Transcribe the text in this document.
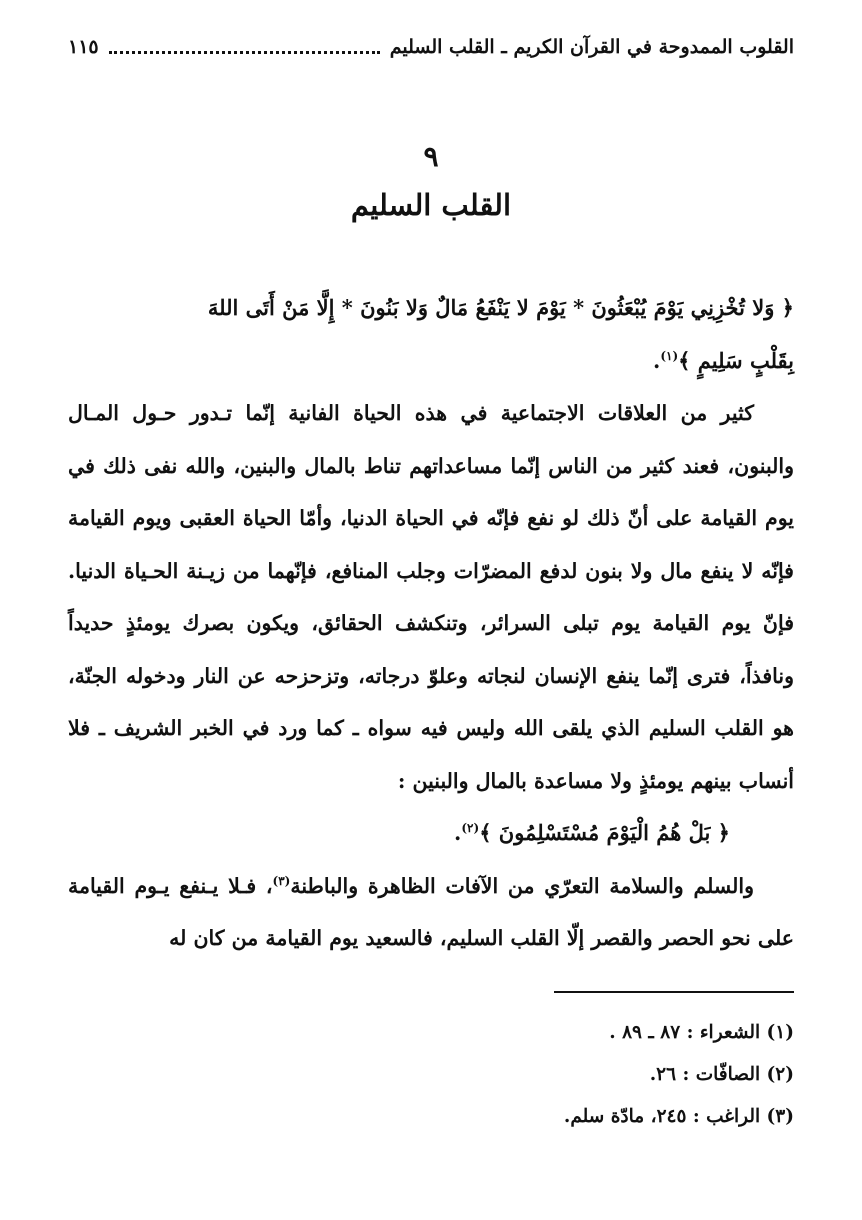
القلوب الممدوحة في القرآن الكريم ـ القلب السليم
١١٥
٩
القلب السليم

﴿ وَلا تُخْزِنِي يَوْمَ يُبْعَثُونَ * يَوْمَ لا يَنْفَعُ مَالٌ وَلا بَنُونَ * إِلَّا مَنْ أَتَى اللهَ

بِقَلْبٍ سَلِيمٍ ﴾$^{(١)}$.

كثير من العلاقات الاجتماعية في هذه الحياة الفانية إنّما تـدور حـول المـال والبنون، فعند كثير من الناس إنّما مساعداتهم تناط بالمال والبنين، والله نفى ذلك في يوم القيامة على أنّ ذلك لو نفع فإنّه في الحياة الدنيا، وأمّا الحياة العقبى ويوم القيامة فإنّه لا ينفع مال ولا بنون لدفع المضرّات وجلب المنافع، فإنّهما من زيـنة الحـياة الدنيا. فإنّ يوم القيامة يوم تبلى السرائر، وتنكشف الحقائق، ويكون بصرك يومئذٍ حديداً ونافذاً، فترى إنّما ينفع الإنسان لنجاته وعلوّ درجاته، وتزحزحه عن النار ودخوله الجنّة، هو القلب السليم الذي يلقى الله وليس فيه سواه ـ كما ورد في الخبر الشريف ـ فلا أنساب بينهم يومئذٍ ولا مساعدة بالمال والبنين :

﴿ بَلْ هُمُ الْيَوْمَ مُسْتَسْلِمُونَ ﴾$^{(٢)}$.

والسلم والسلامة التعرّي من الآفات الظاهرة والباطنة$^{(٣)}$، فـلا يـنفع يـوم القيامة على نحو الحصر والقصر إلّا القلب السليم، فالسعيد يوم القيامة من كان له

(١) الشعراء : ٨٧ ـ ٨٩ .
(٢) الصافّات : ٢٦.
(٣) الراغب : ٢٤٥، مادّة سلم.
